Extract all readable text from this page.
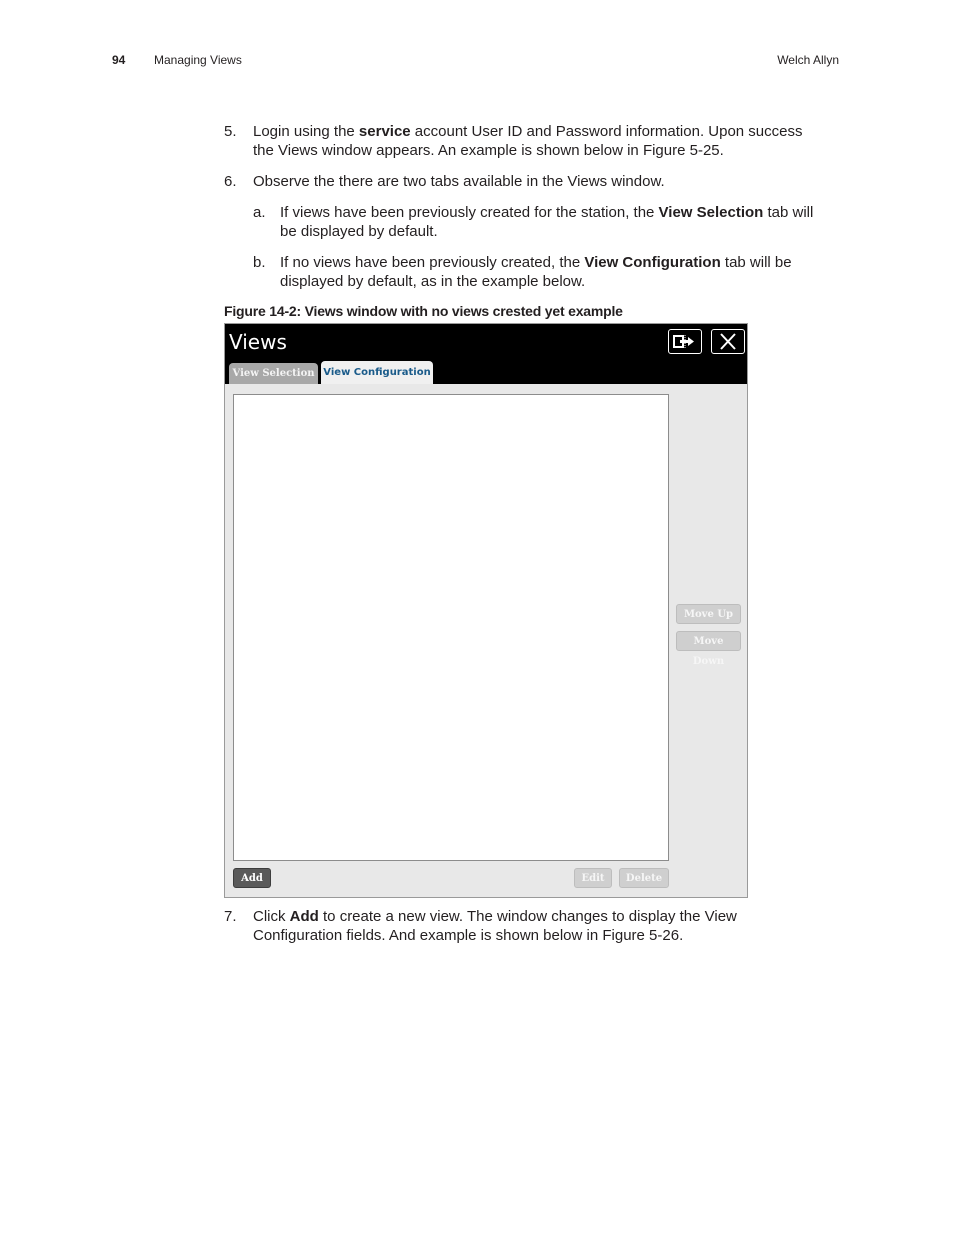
94 Managing Views	Welch Allyn
5. Login using the service account User ID and Password information. Upon success
the Views window appears. An example is shown below in Figure 5-25.
6. Observe the there are two tabs available in the Views window.
a. If views have been previously created for the station, the View Selection tab will
be displayed by default.
b. If no views have been previously created, the View Configuration tab will be
displayed by default, as in the example below.
Figure 14-2: Views window with no views crested yet example
Views
View Selection View Configuration
Move Up
Move Down
Add	Edit	Delete
7. Click Add to create a new view. The window changes to display the View
Configuration fields. And example is shown below in Figure 5-26.
